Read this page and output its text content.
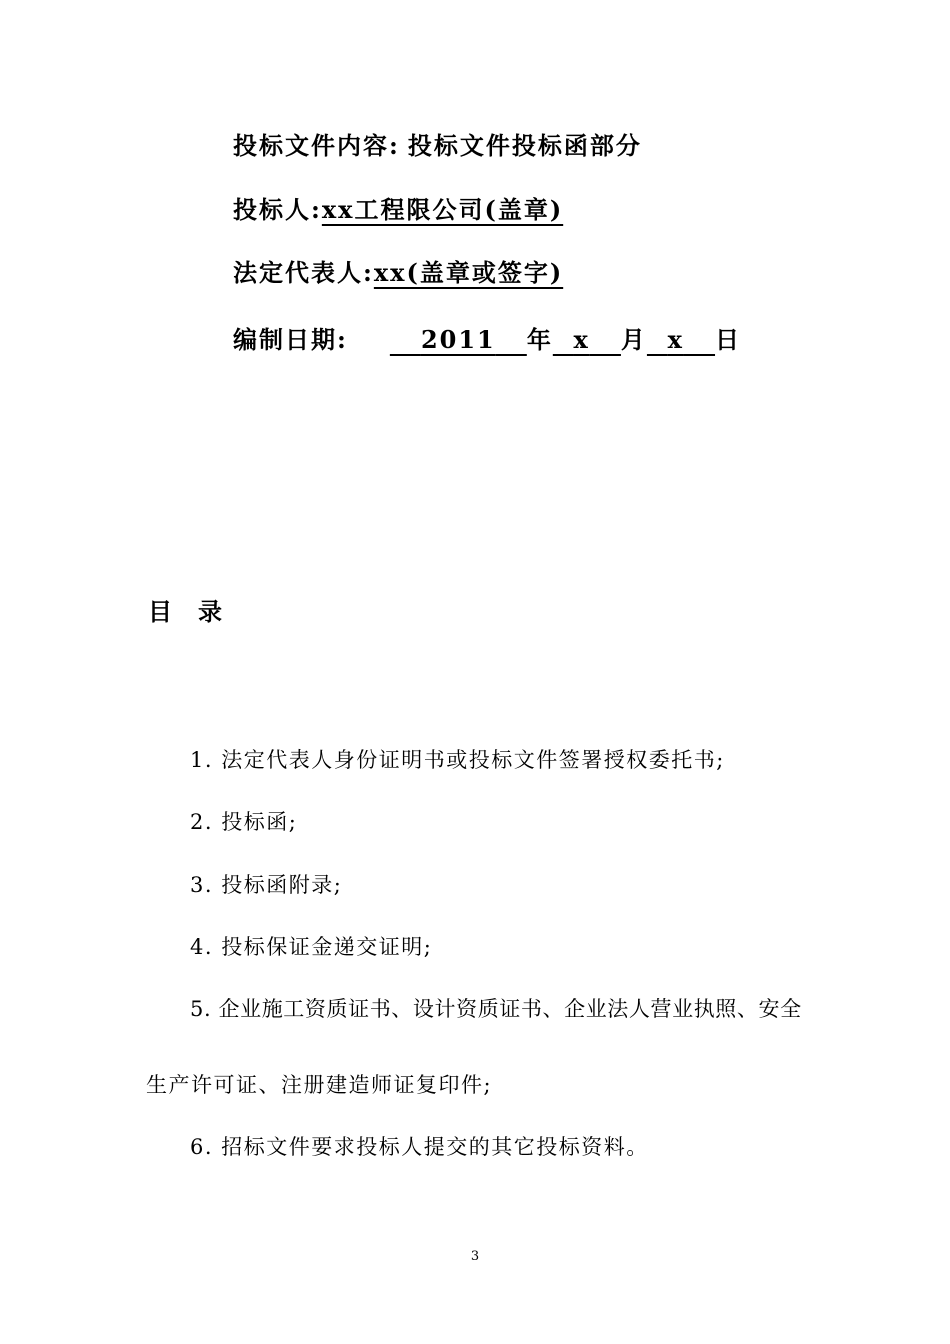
投标文件内容: 投标文件投标函部分
投标人:xx工程限公司(盖章)
法定代表人:xx(盖章或签字)
编制日期:	2011 年 x 月 x 日
目 录
1. 法定代表人身份证明书或投标文件签署授权委托书;
2. 投标函;
3. 投标函附录;
4. 投标保证金递交证明;
5. 企业施工资质证书、设计资质证书、企业法人营业执照、安全
生产许可证、注册建造师证复印件;
6. 招标文件要求投标人提交的其它投标资料。
3
